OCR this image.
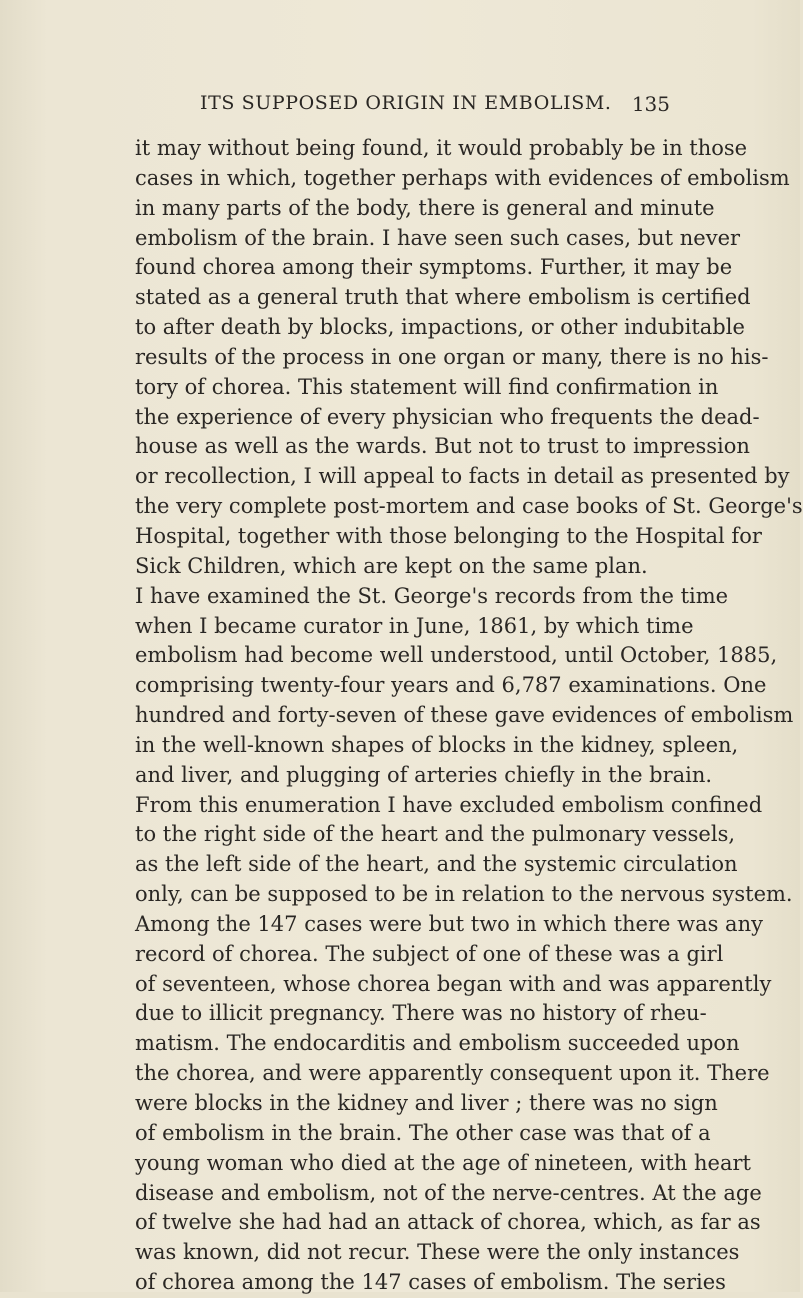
ITS SUPPOSED ORIGIN IN EMBOLISM. 135
it may without being found, it would probably be in those
cases in which, together perhaps with evidences of embolism
in many parts of the body, there is general and minute
embolism of the brain. I have seen such cases, but never
found chorea among their symptoms. Further, it may be
stated as a general truth that where embolism is certified
to after death by blocks, impactions, or other indubitable
results of the process in one organ or many, there is no his-
tory of chorea. This statement will find confirmation in
the experience of every physician who frequents the dead-
house as well as the wards. But not to trust to impression
or recollection, I will appeal to facts in detail as presented by
the very complete post-mortem and case books of St. George's
Hospital, together with those belonging to the Hospital for
Sick Children, which are kept on the same plan.
I have examined the St. George's records from the time
when I became curator in June, 1861, by which time
embolism had become well understood, until October, 1885,
comprising twenty-four years and 6,787 examinations. One
hundred and forty-seven of these gave evidences of embolism
in the well-known shapes of blocks in the kidney, spleen,
and liver, and plugging of arteries chiefly in the brain.
From this enumeration I have excluded embolism confined
to the right side of the heart and the pulmonary vessels,
as the left side of the heart, and the systemic circulation
only, can be supposed to be in relation to the nervous system.
Among the 147 cases were but two in which there was any
record of chorea. The subject of one of these was a girl
of seventeen, whose chorea began with and was apparently
due to illicit pregnancy. There was no history of rheu-
matism. The endocarditis and embolism succeeded upon
the chorea, and were apparently consequent upon it. There
were blocks in the kidney and liver ; there was no sign
of embolism in the brain. The other case was that of a
young woman who died at the age of nineteen, with heart
disease and embolism, not of the nerve-centres. At the age
of twelve she had had an attack of chorea, which, as far as
was known, did not recur. These were the only instances
of chorea among the 147 cases of embolism. The series
